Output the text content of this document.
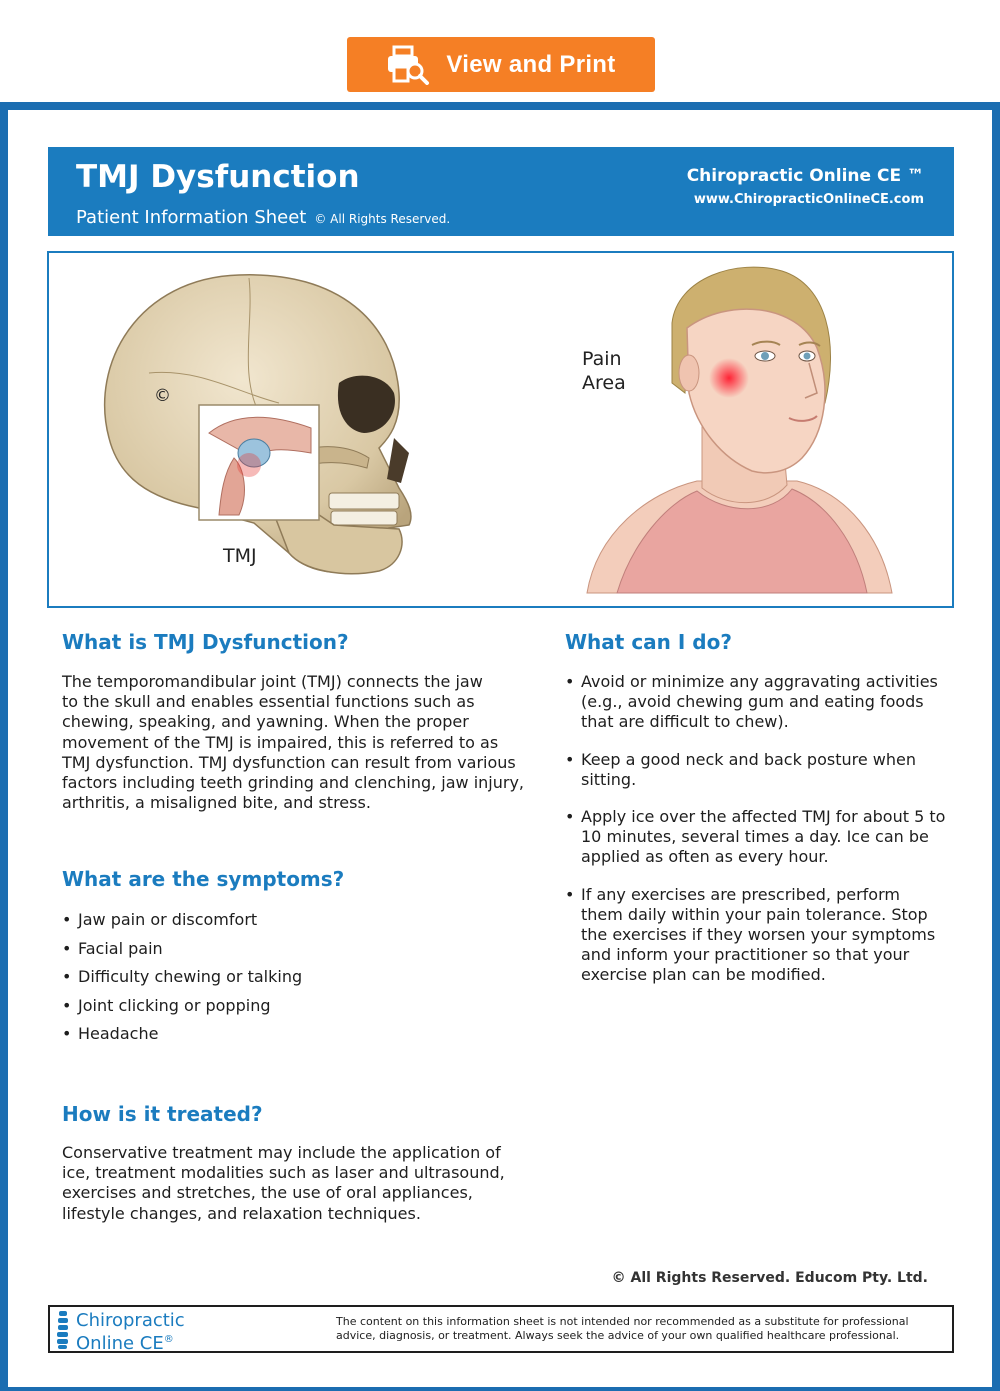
View and Print
TMJ Dysfunction
Patient Information Sheet © All Rights Reserved.
Chiropractic Online CE ™
www.ChiropracticOnlineCE.com
©
TMJ
Pain
Area
What is TMJ Dysfunction?
The temporomandibular joint (TMJ) connects the jaw
to the skull and enables essential functions such as
chewing, speaking, and yawning. When the proper
movement of the TMJ is impaired, this is referred to as
TMJ dysfunction. TMJ dysfunction can result from various
factors including teeth grinding and clenching, jaw injury,
arthritis, a misaligned bite, and stress.
What are the symptoms?
• Jaw pain or discomfort
• Facial pain
• Difficulty chewing or talking
• Joint clicking or popping
• Headache
How is it treated?
Conservative treatment may include the application of
ice, treatment modalities such as laser and ultrasound,
exercises and stretches, the use of oral appliances,
lifestyle changes, and relaxation techniques.
What can I do?
• Avoid or minimize any aggravating activities
(e.g., avoid chewing gum and eating foods
that are difficult to chew).
• Keep a good neck and back posture when
sitting.
• Apply ice over the affected TMJ for about 5 to
10 minutes, several times a day. Ice can be
applied as often as every hour.
• If any exercises are prescribed, perform
them daily within your pain tolerance. Stop
the exercises if they worsen your symptoms
and inform your practitioner so that your
exercise plan can be modified.
© All Rights Reserved. Educom Pty. Ltd.
Chiropractic
Online CE®
The content on this information sheet is not intended nor recommended as a substitute for professional
advice, diagnosis, or treatment. Always seek the advice of your own qualified healthcare professional.
